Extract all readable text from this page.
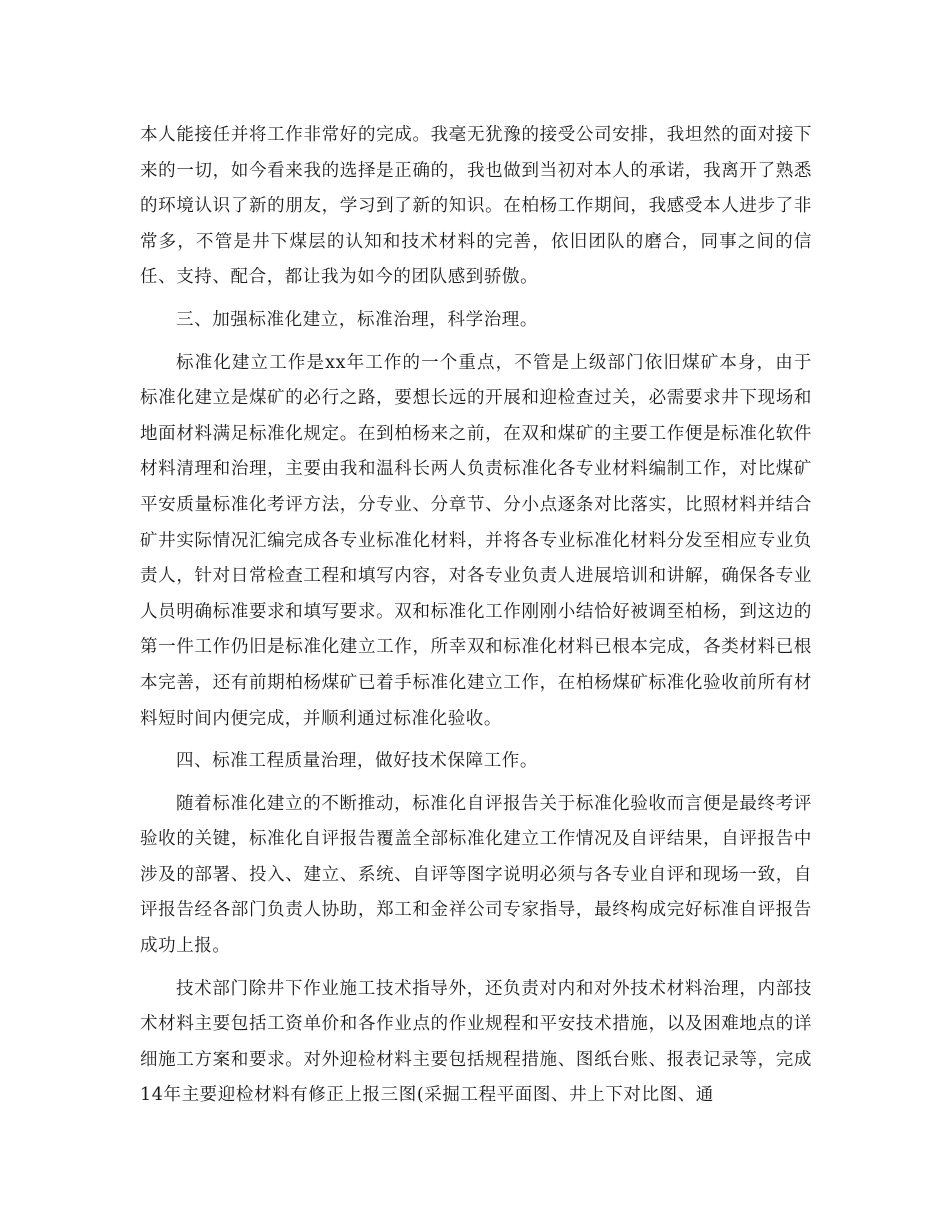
本人能接任并将工作非常好的完成。我毫无犹豫的接受公司安排，我坦然的面对接下来的一切，如今看来我的选择是正确的，我也做到当初对本人的承诺，我离开了熟悉的环境认识了新的朋友，学习到了新的知识。在柏杨工作期间，我感受本人进步了非常多，不管是井下煤层的认知和技术材料的完善，依旧团队的磨合，同事之间的信任、支持、配合，都让我为如今的团队感到骄傲。

三、加强标准化建立，标准治理，科学治理。

标准化建立工作是xx年工作的一个重点，不管是上级部门依旧煤矿本身，由于标准化建立是煤矿的必行之路，要想长远的开展和迎检查过关，必需要求井下现场和地面材料满足标准化规定。在到柏杨来之前，在双和煤矿的主要工作便是标准化软件材料清理和治理，主要由我和温科长两人负责标准化各专业材料编制工作，对比煤矿平安质量标准化考评方法，分专业、分章节、分小点逐条对比落实，比照材料并结合矿井实际情况汇编完成各专业标准化材料，并将各专业标准化材料分发至相应专业负责人，针对日常检查工程和填写内容，对各专业负责人进展培训和讲解，确保各专业人员明确标准要求和填写要求。双和标准化工作刚刚小结恰好被调至柏杨，到这边的第一件工作仍旧是标准化建立工作，所幸双和标准化材料已根本完成，各类材料已根本完善，还有前期柏杨煤矿已着手标准化建立工作，在柏杨煤矿标准化验收前所有材料短时间内便完成，并顺利通过标准化验收。

四、标准工程质量治理，做好技术保障工作。

随着标准化建立的不断推动，标准化自评报告关于标准化验收而言便是最终考评验收的关键，标准化自评报告覆盖全部标准化建立工作情况及自评结果，自评报告中涉及的部署、投入、建立、系统、自评等图字说明必须与各专业自评和现场一致，自评报告经各部门负责人协助，郑工和金祥公司专家指导，最终构成完好标准自评报告成功上报。

技术部门除井下作业施工技术指导外，还负责对内和对外技术材料治理，内部技术材料主要包括工资单价和各作业点的作业规程和平安技术措施，以及困难地点的详细施工方案和要求。对外迎检材料主要包括规程措施、图纸台账、报表记录等，完成14年主要迎检材料有修正上报三图(采掘工程平面图、井上下对比图、通
